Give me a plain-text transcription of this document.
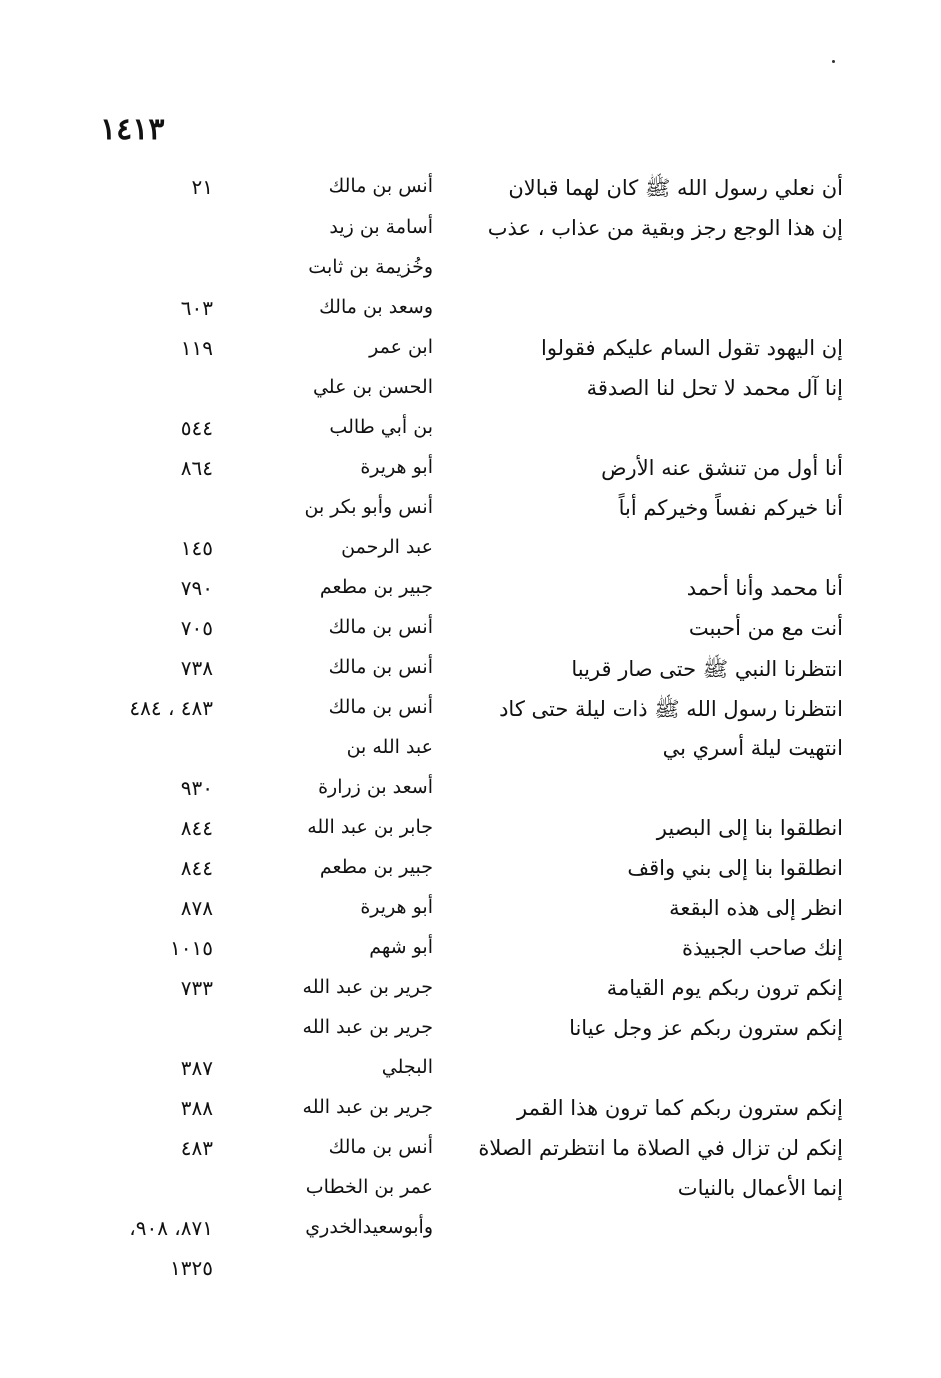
١٤١٣
أن نعلي رسول الله ﷺ كان لهما قبالان
أنس بن مالك
٢١
إن هذا الوجع رجز وبقية من عذاب ، عذب
أسامة بن زيد
وخُزيمة بن ثابت
وسعد بن مالك
٦٠٣
إن اليهود تقول السام عليكم فقولوا
ابن عمر
١١٩
إنا آل محمد لا تحل لنا الصدقة
الحسن بن علي
بن أبي طالب
٥٤٤
أنا أول من تنشق عنه الأرض
أبو هريرة
٨٦٤
أنا خيركم نفساً وخيركم أباً
أنس وأبو بكر بن
عبد الرحمن
١٤٥
أنا محمد وأنا أحمد
جبير بن مطعم
٧٩٠
أنت مع من أحببت
أنس بن مالك
٧٠٥
انتظرنا النبي ﷺ حتى صار قريبا
أنس بن مالك
٧٣٨
انتظرنا رسول الله ﷺ ذات ليلة حتى كاد
أنس بن مالك
٤٨٣ ، ٤٨٤
انتهيت ليلة أسري بي
عبد الله بن
أسعد بن زرارة
٩٣٠
انطلقوا بنا إلى البصير
جابر بن عبد الله
٨٤٤
انطلقوا بنا إلى بني واقف
جبير بن مطعم
٨٤٤
انظر إلى هذه البقعة
أبو هريرة
٨٧٨
إنك صاحب الجبيذة
أبو شهم
١٠١٥
إنكم ترون ربكم يوم القيامة
جرير بن عبد الله
٧٣٣
إنكم سترون ربكم عز وجل عيانا
جرير بن عبد الله
البجلي
٣٨٧
إنكم سترون ربكم كما ترون هذا القمر
جرير بن عبد الله
٣٨٨
إنكم لن تزال في الصلاة ما انتظرتم الصلاة
أنس بن مالك
٤٨٣
إنما الأعمال بالنيات
عمر بن الخطاب
وأبوسعيدالخدري
٨٧١، ٩٠٨،
١٣٢٥
